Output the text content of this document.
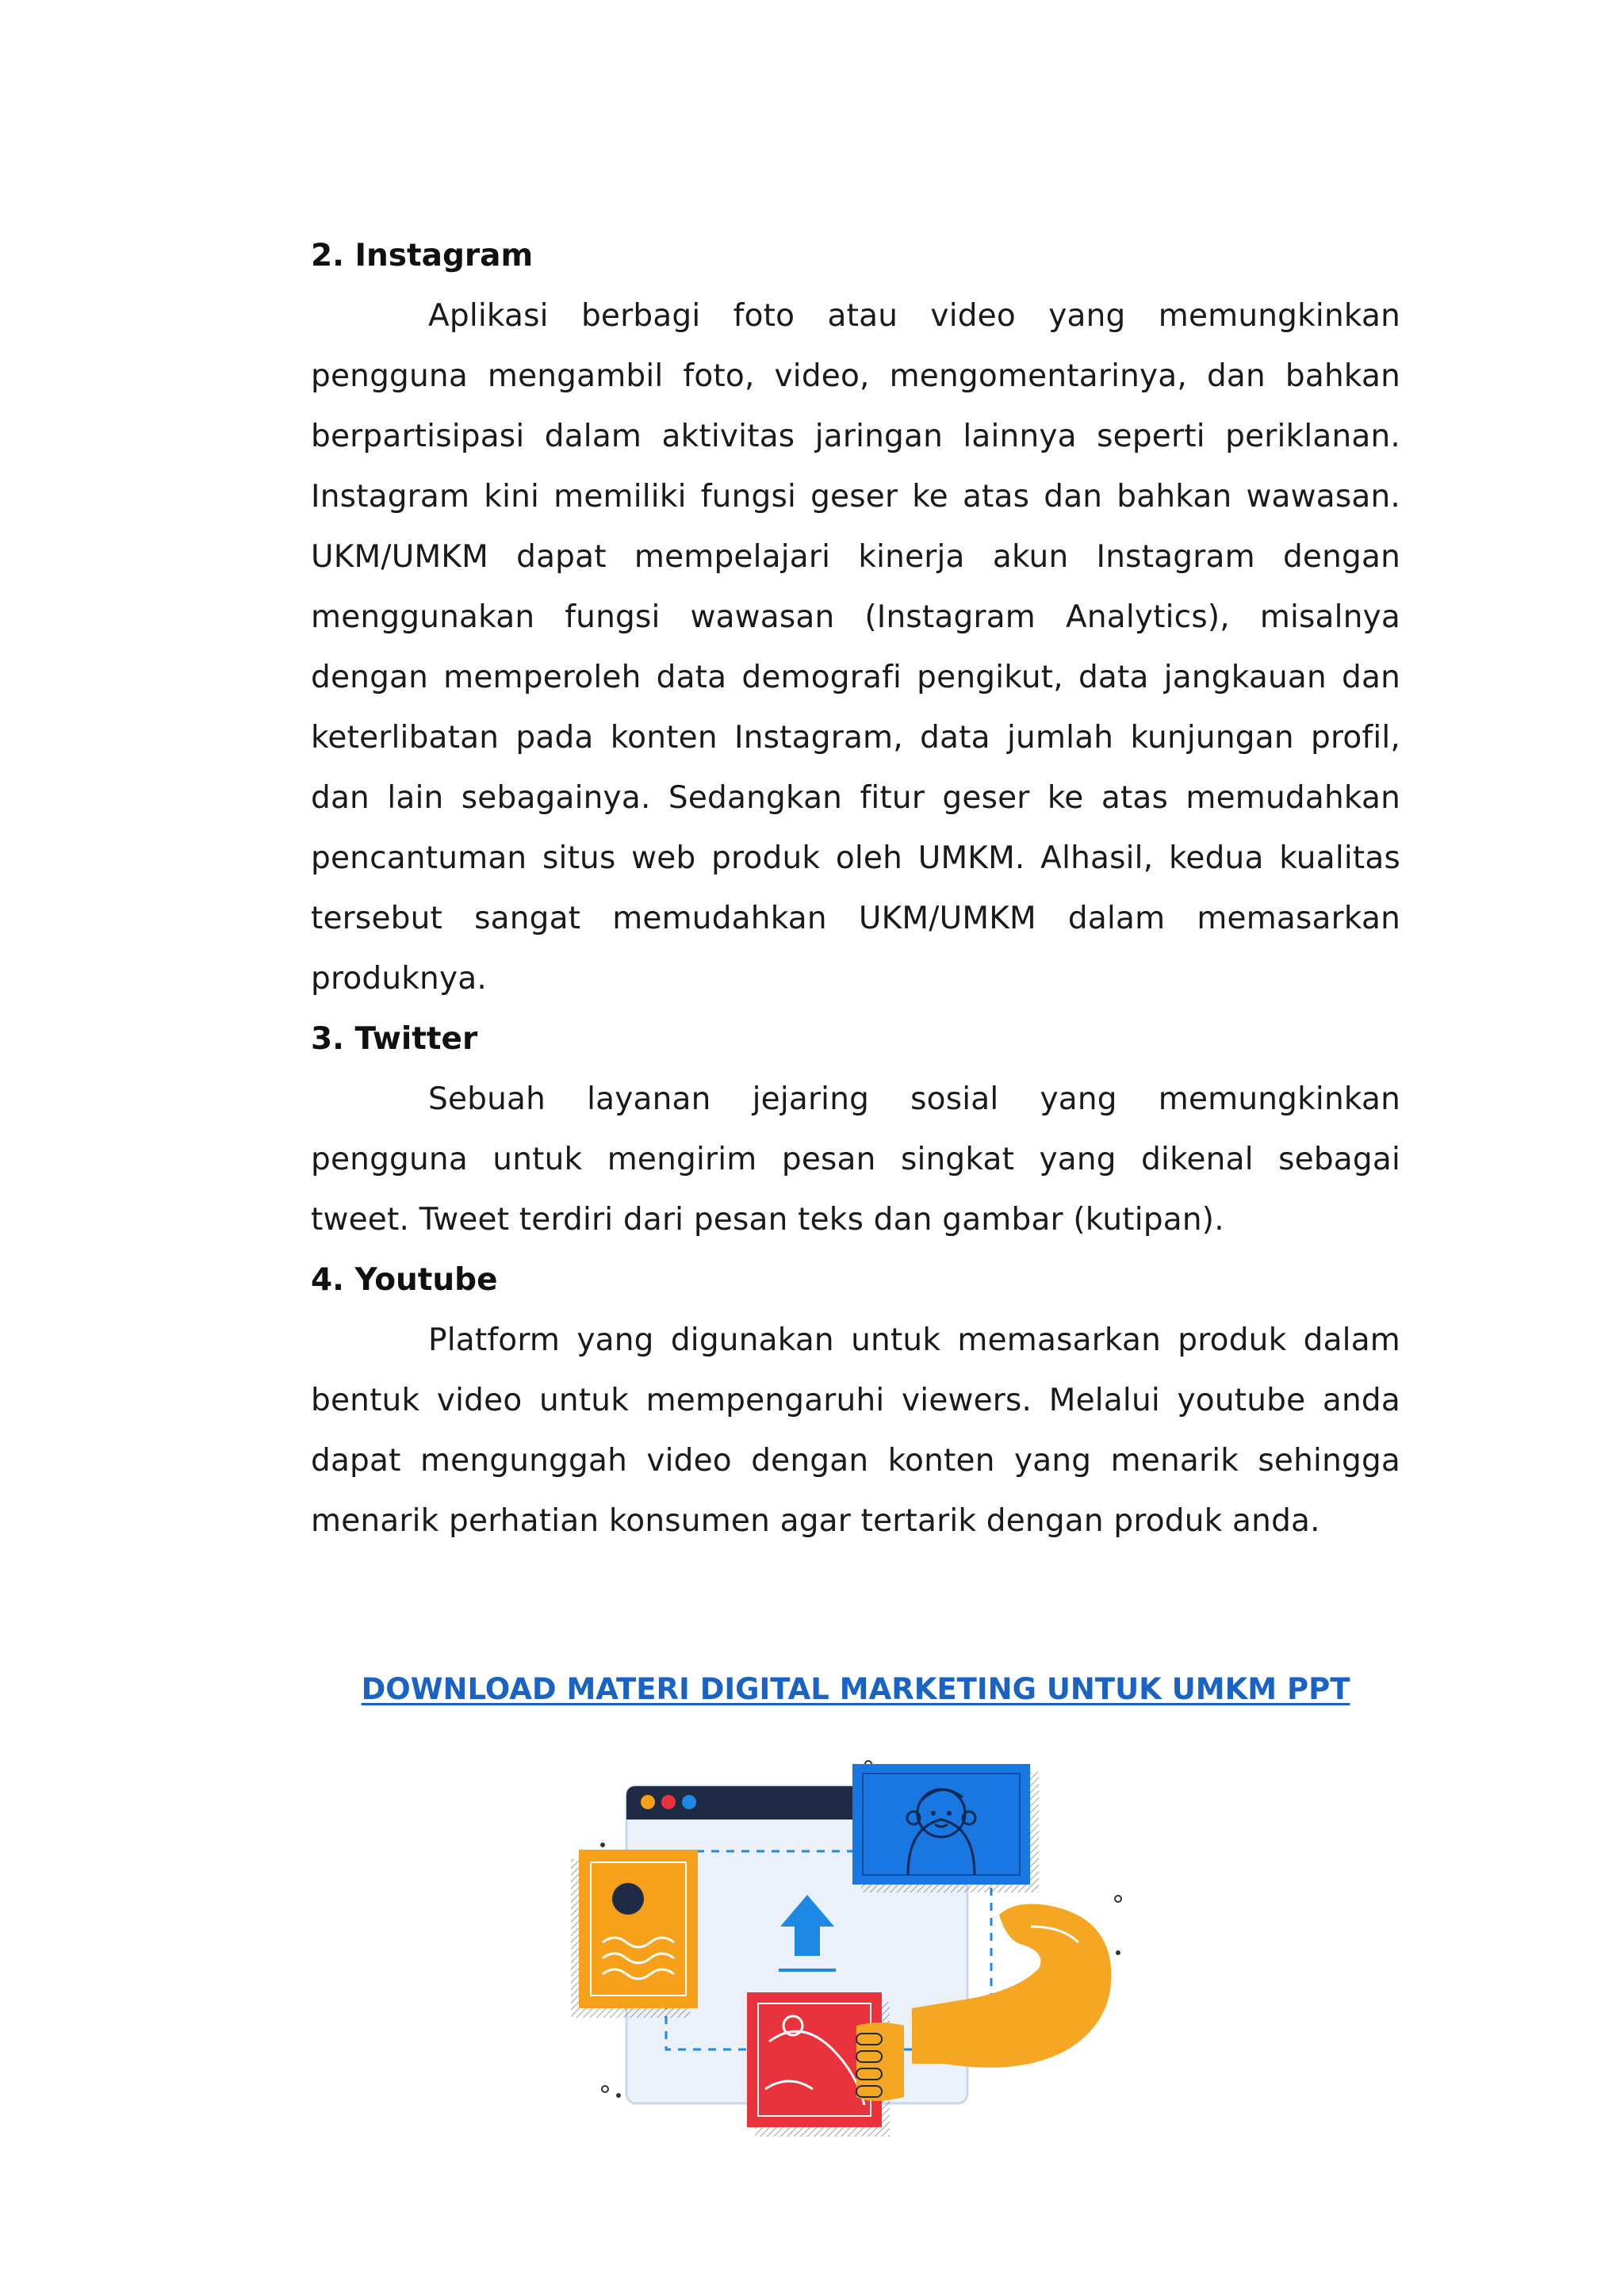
2. Instagram

Aplikasi berbagi foto atau video yang memungkinkan pengguna mengambil foto, video, mengomentarinya, dan bahkan berpartisipasi dalam aktivitas jaringan lainnya seperti periklanan. Instagram kini memiliki fungsi geser ke atas dan bahkan wawasan. UKM/UMKM dapat mempelajari kinerja akun Instagram dengan menggunakan fungsi wawasan (Instagram Analytics), misalnya dengan memperoleh data demografi pengikut, data jangkauan dan keterlibatan pada konten Instagram, data jumlah kunjungan profil, dan lain sebagainya. Sedangkan fitur geser ke atas memudahkan pencantuman situs web produk oleh UMKM. Alhasil, kedua kualitas tersebut sangat memudahkan UKM/UMKM dalam memasarkan produknya.

3. Twitter

Sebuah layanan jejaring sosial yang memungkinkan pengguna untuk mengirim pesan singkat yang dikenal sebagai tweet. Tweet terdiri dari pesan teks dan gambar (kutipan).

4. Youtube

Platform yang digunakan untuk memasarkan produk dalam bentuk video untuk mempengaruhi viewers. Melalui youtube anda dapat mengunggah video dengan konten yang menarik sehingga menarik perhatian konsumen agar tertarik dengan produk anda.

DOWNLOAD MATERI DIGITAL MARKETING UNTUK UMKM PPT
